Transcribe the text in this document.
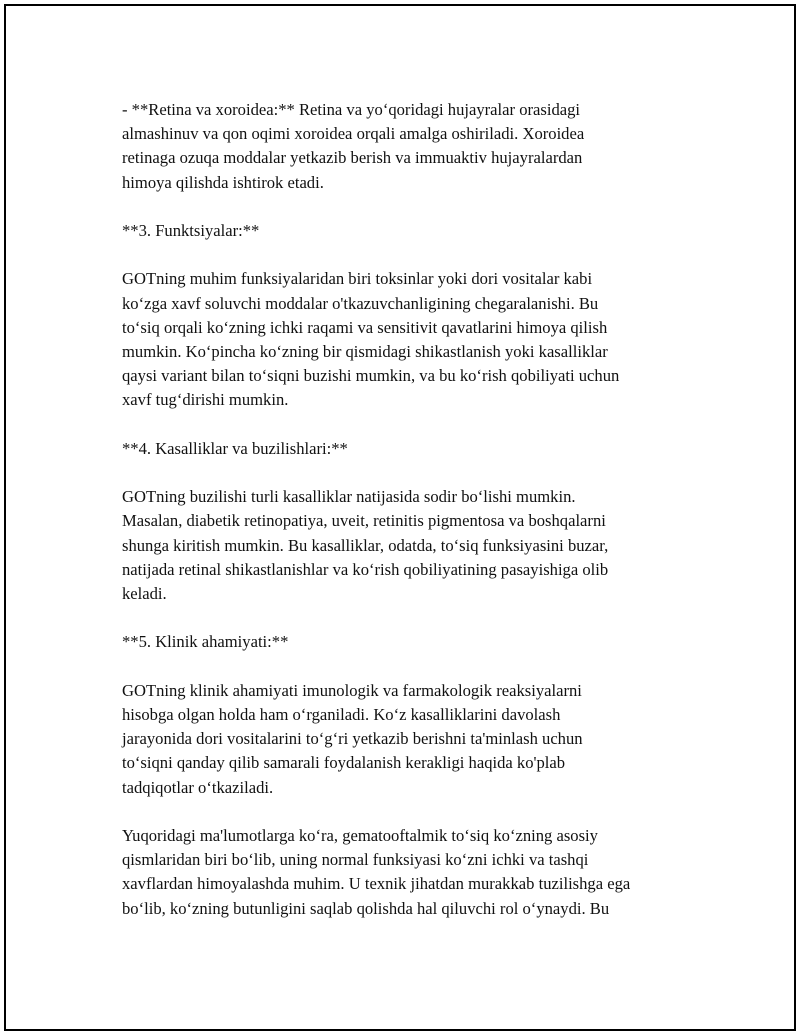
- **Retina va xoroidea:** Retina va yo‘qoridagi hujayralar orasidagi
almashinuv va qon oqimi xoroidea orqali amalga oshiriladi. Xoroidea
retinaga ozuqa moddalar yetkazib berish va immuaktiv hujayralardan
himoya qilishda ishtirok etadi.
**3. Funktsiyalar:**
GOTning muhim funksiyalaridan biri toksinlar yoki dori vositalar kabi
ko‘zga xavf soluvchi moddalar o'tkazuvchanligining chegaralanishi. Bu
to‘siq orqali ko‘zning ichki raqami va sensitivit qavatlarini himoya qilish
mumkin. Ko‘pincha ko‘zning bir qismidagi shikastlanish yoki kasalliklar
qaysi variant bilan to‘siqni buzishi mumkin, va bu ko‘rish qobiliyati uchun
xavf tug‘dirishi mumkin.
**4. Kasalliklar va buzilishlari:**
GOTning buzilishi turli kasalliklar natijasida sodir bo‘lishi mumkin.
Masalan, diabetik retinopatiya, uveit, retinitis pigmentosa va boshqalarni
shunga kiritish mumkin. Bu kasalliklar, odatda, to‘siq funksiyasini buzar,
natijada retinal shikastlanishlar va ko‘rish qobiliyatining pasayishiga olib
keladi.
**5. Klinik ahamiyati:**
GOTning klinik ahamiyati imunologik va farmakologik reaksiyalarni
hisobga olgan holda ham o‘rganiladi. Ko‘z kasalliklarini davolash
jarayonida dori vositalarini to‘g‘ri yetkazib berishni ta'minlash uchun
to‘siqni qanday qilib samarali foydalanish kerakligi haqida ko'plab
tadqiqotlar o‘tkaziladi.
Yuqoridagi ma'lumotlarga ko‘ra, gematooftalmik to‘siq ko‘zning asosiy
qismlaridan biri bo‘lib, uning normal funksiyasi ko‘zni ichki va tashqi
xavflardan himoyalashda muhim. U texnik jihatdan murakkab tuzilishga ega
bo‘lib, ko‘zning butunligini saqlab qolishda hal qiluvchi rol o‘ynaydi. Bu
